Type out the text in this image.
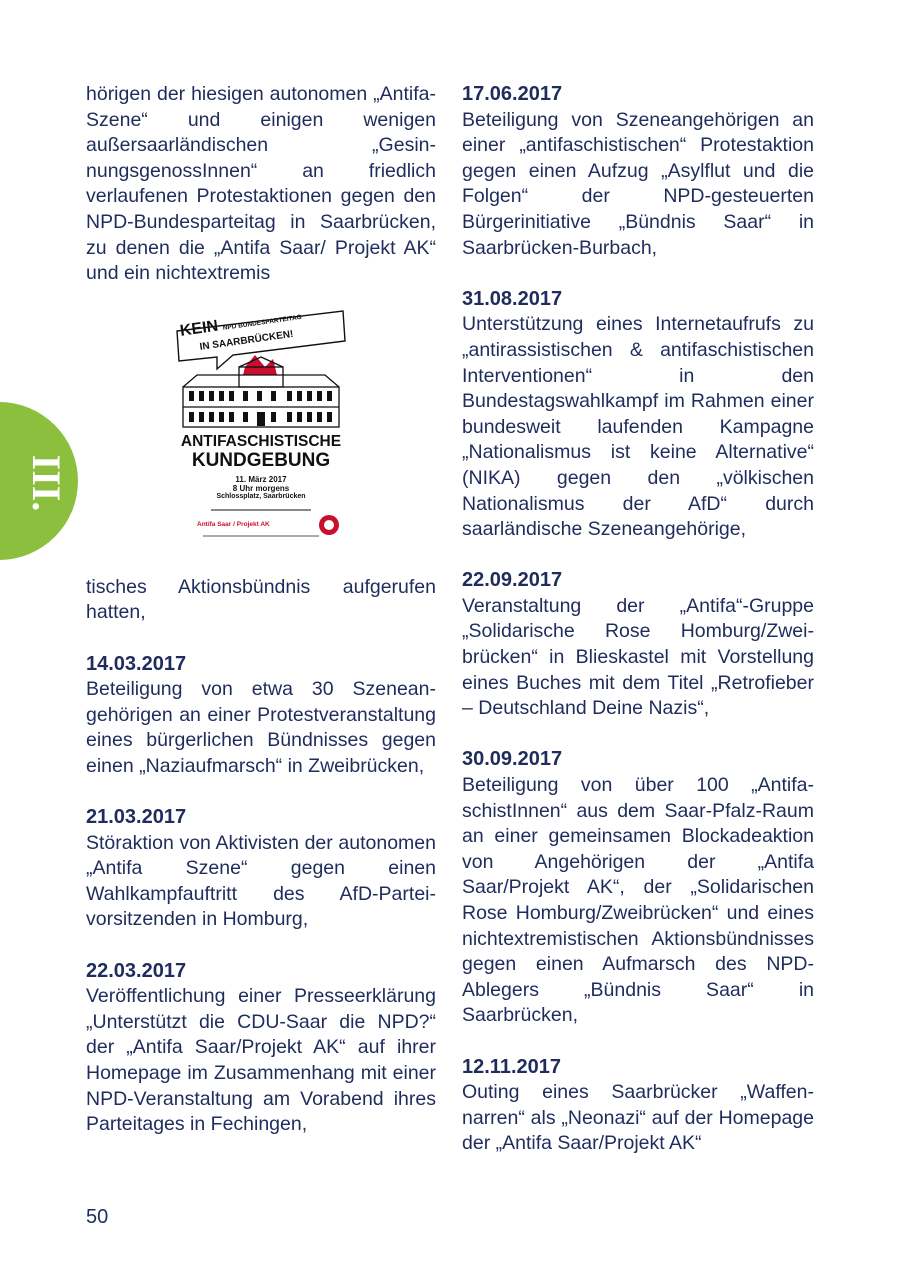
III.

hörigen der hiesigen autonomen „Antifa-Szene“ und einigen wenigen außersaarländischen „GesinnungsgenossInnen“ an friedlich verlaufenen Protestaktionen gegen den NPD-Bundesparteitag in Saarbrücken, zu denen die „Antifa Saar/ Projekt AK“ und ein nichtextremis

KEIN NPD BUNDESPARTEITAG
IN SAARBRÜCKEN!
ANTIFASCHISTISCHE
KUNDGEBUNG
11. März 2017
8 Uhr morgens
Schlossplatz, Saarbrücken
Antifa Saar / Projekt AK

tisches Aktionsbündnis aufgerufen hatten,

14.03.2017

Beteiligung von etwa 30 Szeneangehörigen an einer Protestveranstaltung eines bürgerlichen Bündnisses gegen einen „Naziaufmarsch“ in Zweibrücken,

21.03.2017

Störaktion von Aktivisten der autonomen „Antifa Szene“ gegen einen Wahlkampfauftritt des AfD-Parteivorsitzenden in Homburg,

22.03.2017

Veröffentlichung einer Presseerklärung „Unterstützt die CDU-Saar die NPD?“ der „Antifa Saar/Projekt AK“ auf ihrer Homepage im Zusammenhang mit einer NPD-Veranstaltung am Vorabend ihres Parteitages in Fechingen,

17.06.2017

Beteiligung von Szeneangehörigen an einer „antifaschistischen“ Protestaktion gegen einen Aufzug „Asylflut und die Folgen“ der NPD-gesteuerten Bürgerinitiative „Bündnis Saar“ in Saarbrücken-Burbach,

31.08.2017

Unterstützung eines Internetaufrufs zu „antirassistischen & antifaschistischen Interventionen“ in den Bundestagswahlkampf im Rahmen einer bundesweit laufenden Kampagne „Nationalismus ist keine Alternative“ (NIKA) gegen den „völkischen Nationalismus der AfD“ durch saarländische Szeneangehörige,

22.09.2017

Veranstaltung der „Antifa“-Gruppe „Solidarische Rose Homburg/Zweibrücken“ in Blieskastel mit Vorstellung eines Buches mit dem Titel „Retrofieber – Deutschland Deine Nazis“,

30.09.2017

Beteiligung von über 100 „AntifaschistInnen“ aus dem Saar-Pfalz-Raum an einer gemeinsamen Blockadeaktion von Angehörigen der „Antifa Saar/Projekt AK“, der „Solidarischen Rose Homburg/Zweibrücken“ und eines nichtextremistischen Aktionsbündnisses gegen einen Aufmarsch des NPD-Ablegers „Bündnis Saar“ in Saarbrücken,

12.11.2017

Outing eines Saarbrücker „Waffennarren“ als „Neonazi“ auf der Homepage der „Antifa Saar/Projekt AK“

50
